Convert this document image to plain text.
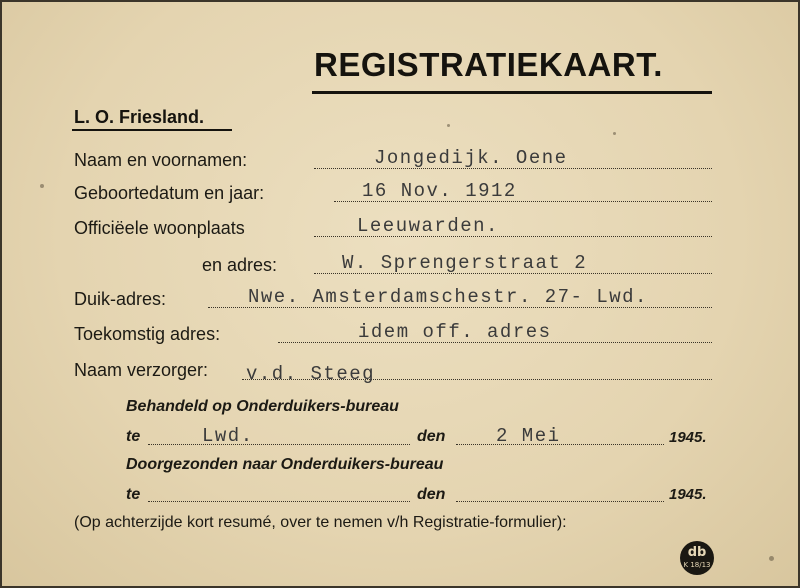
REGISTRATIEKAART.
L. O. Friesland.
Naam en voornamen:	Jongedijk. Oene
Geboortedatum en jaar:	16 Nov. 1912
Officiëele woonplaats	Leeuwarden.
en adres:	W. Sprengerstraat 2
Duik-adres:	Nwe. Amsterdamschestr. 27- Lwd.
Toekomstig adres:	idem off. adres
Naam verzorger: v.d. Steeg
Behandeld op Onderduikers-bureau
te	Lwd.	den	2 Mei	1945.
Doorgezonden naar Onderduikers-bureau
te	den	1945.
(Op achterzijde kort resumé, over te nemen v/h Registratie-formulier):
db
K 18/13
